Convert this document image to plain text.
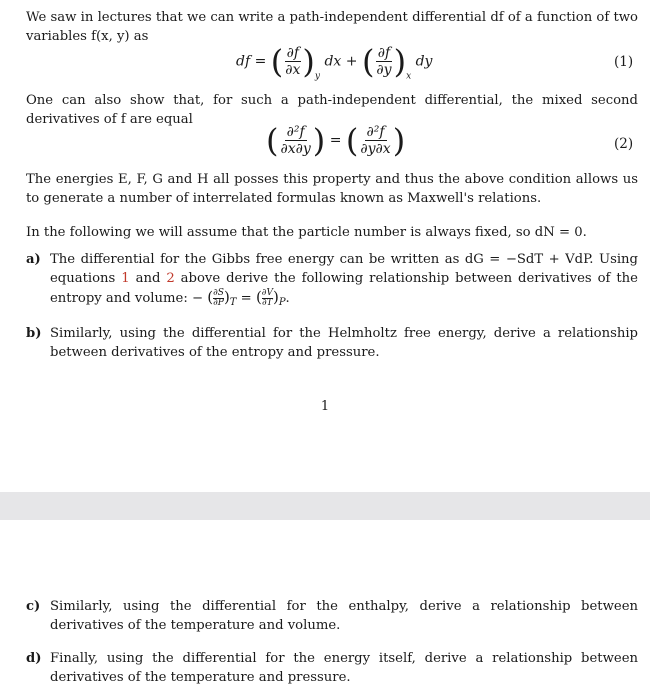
We saw in lectures that we can write a path-independent differential df of a function of two variables f(x, y) as
df = ( $\frac{\partial f}{\partial x} )_y$ dx + ( $\frac{\partial f}{\partial y} )_x$ dy	(1)
One can also show that, for such a path-independent differential, the mixed second derivatives of f are equal
( $\frac{\text{∂²f}}{\partial x\partial y}$ ) = ( $\frac{\text{∂²f}}{\partial y\partial x}$ )	(2)
The energies E, F, G and H all posses this property and thus the above condition allows us to generate a number of interrelated formulas known as Maxwell's relations.
In the following we will assume that the particle number is always fixed, so dN = 0.
a) The differential for the Gibbs free energy can be written as dG = −SdT + VdP. Using equations 1 and 2 above derive the following relationship between derivatives of the entropy and volume: − ( $\frac{\partial S}{\partial P} )_T$ = ( $\frac{\partial V}{\partial T} )_P$.
b) Similarly, using the differential for the Helmholtz free energy, derive a relationship between derivatives of the entropy and pressure.
1
c) Similarly, using the differential for the enthalpy, derive a relationship between derivatives of the temperature and volume.
d) Finally, using the differential for the energy itself, derive a relationship between derivatives of the temperature and pressure.
